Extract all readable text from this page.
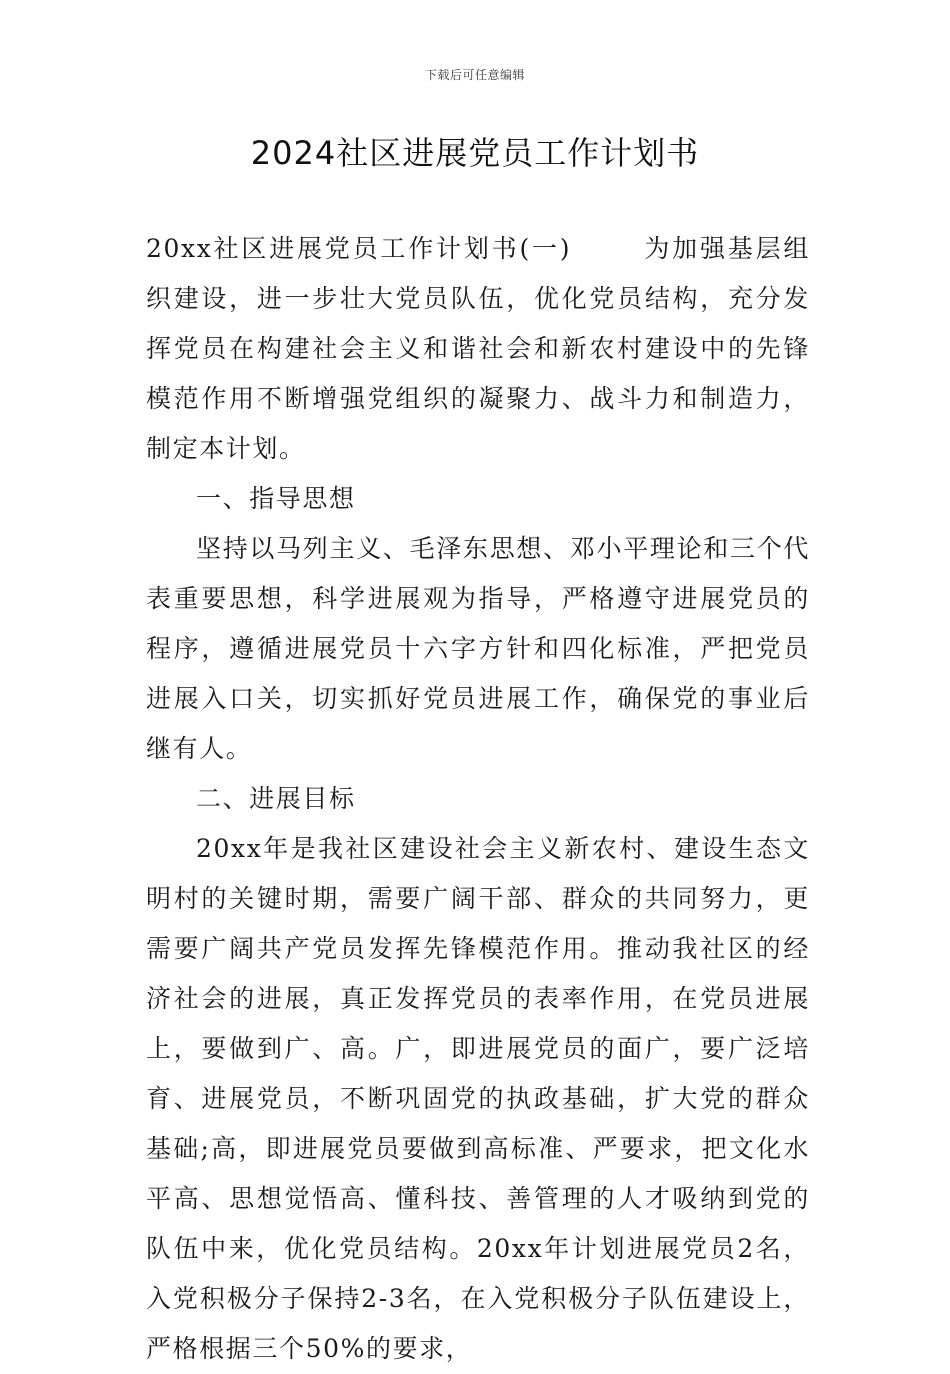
下载后可任意编辑
2024社区进展党员工作计划书

20xx社区进展党员工作计划书(一)	为加强基层组织建设，进一步壮大党员队伍，优化党员结构，充分发挥党员在构建社会主义和谐社会和新农村建设中的先锋模范作用不断增强党组织的凝聚力、战斗力和制造力，制定本计划。

一、指导思想

坚持以马列主义、毛泽东思想、邓小平理论和三个代表重要思想，科学进展观为指导，严格遵守进展党员的程序，遵循进展党员十六字方针和四化标准，严把党员进展入口关，切实抓好党员进展工作，确保党的事业后继有人。

二、进展目标

20xx年是我社区建设社会主义新农村、建设生态文明村的关键时期，需要广阔干部、群众的共同努力，更需要广阔共产党员发挥先锋模范作用。推动我社区的经济社会的进展，真正发挥党员的表率作用，在党员进展上，要做到广、高。广，即进展党员的面广，要广泛培育、进展党员，不断巩固党的执政基础，扩大党的群众基础;高，即进展党员要做到高标准、严要求，把文化水平高、思想觉悟高、懂科技、善管理的人才吸纳到党的队伍中来，优化党员结构。20xx年计划进展党员2名，入党积极分子保持2-3名，在入党积极分子队伍建设上，严格根据三个50%的要求，
